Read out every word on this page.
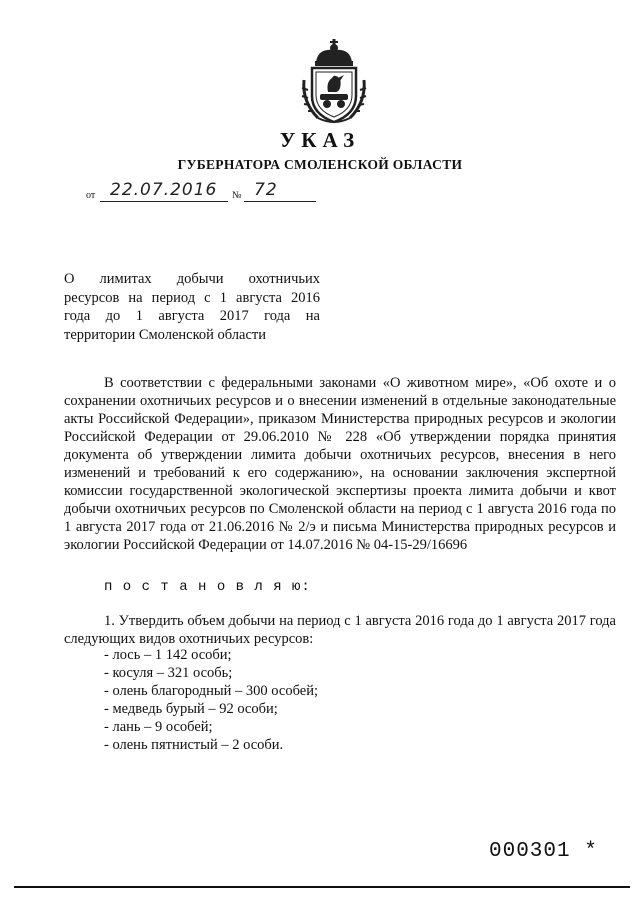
УКАЗ
ГУБЕРНАТОРА СМОЛЕНСКОЙ ОБЛАСТИ
от 22.07.2016 № 72
О лимитах добычи охотничьих
ресурсов на период с 1 августа 2016
года до 1 августа 2017 года на
территории Смоленской области
В соответствии с федеральными законами «О животном мире», «Об охоте и о сохранении охотничьих ресурсов и о внесении изменений в отдельные законодательные акты Российской Федерации», приказом Министерства природных ресурсов и экологии Российской Федерации от 29.06.2010 № 228 «Об утверждении порядка принятия документа об утверждении лимита добычи охотничьих ресурсов, внесения в него изменений и требований к его содержанию», на основании заключения экспертной комиссии государственной экологической экспертизы проекта лимита добычи и квот добычи охотничьих ресурсов по Смоленской области на период с 1 августа 2016 года по 1 августа 2017 года от 21.06.2016 № 2/э и письма Министерства природных ресурсов и экологии Российской Федерации от 14.07.2016 № 04-15-29/16696
п о с т а н о в л я ю:
1. Утвердить объем добычи на период с 1 августа 2016 года до 1 августа 2017 года следующих видов охотничьих ресурсов:
- лось – 1 142 особи;
- косуля – 321 особь;
- олень благородный – 300 особей;
- медведь бурый – 92 особи;
- лань – 9 особей;
- олень пятнистый – 2 особи.
000301 *
